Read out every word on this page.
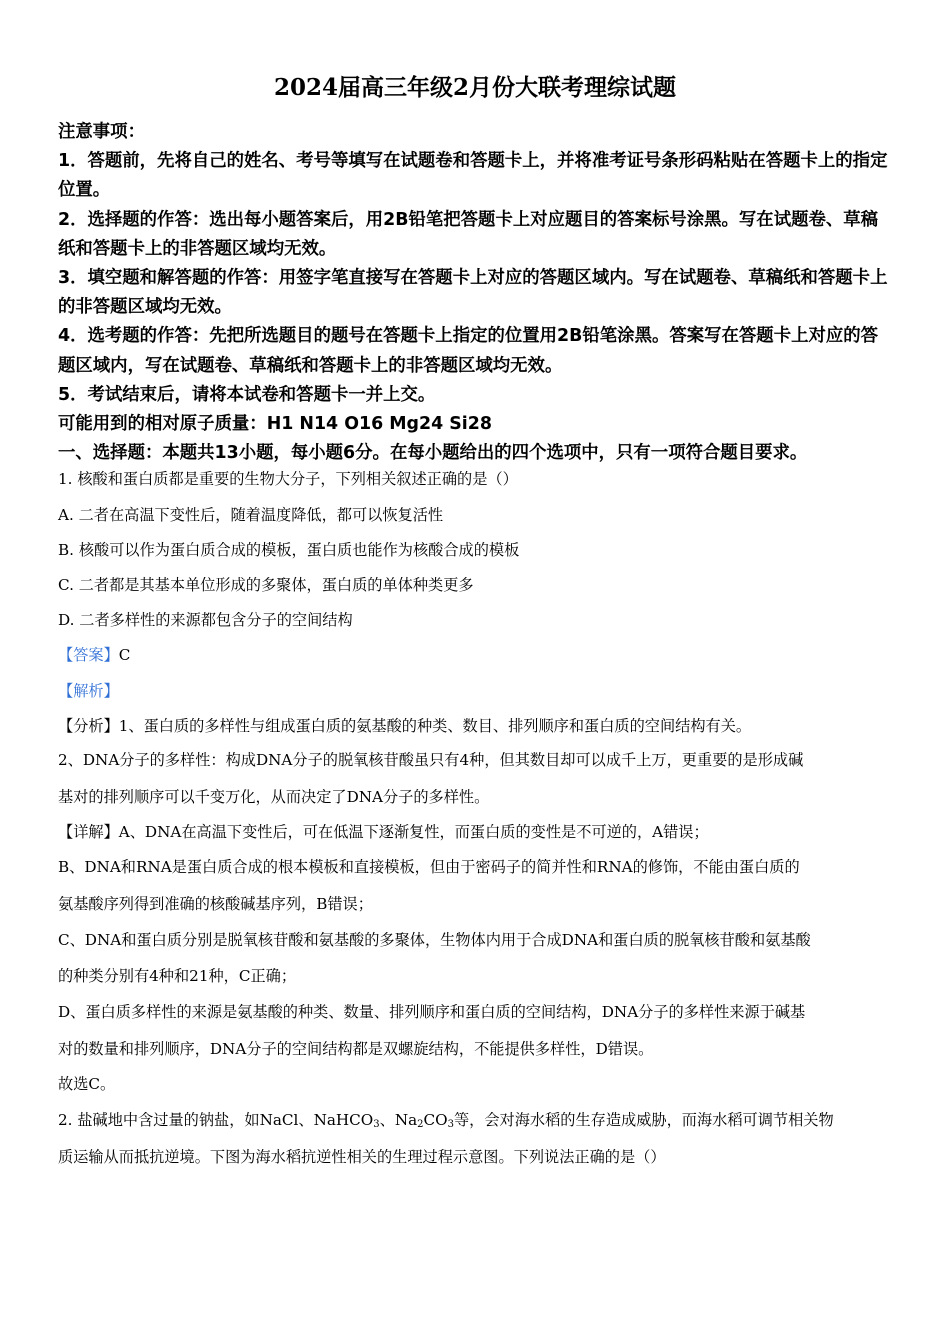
2024届高三年级2月份大联考理综试题

注意事项：

1．答题前，先将自己的姓名、考号等填写在试题卷和答题卡上，并将准考证号条形码粘贴在答题卡上的指定位置。

2．选择题的作答：选出每小题答案后，用2B铅笔把答题卡上对应题目的答案标号涂黑。写在试题卷、草稿纸和答题卡上的非答题区域均无效。

3．填空题和解答题的作答：用签字笔直接写在答题卡上对应的答题区域内。写在试题卷、草稿纸和答题卡上的非答题区域均无效。

4．选考题的作答：先把所选题目的题号在答题卡上指定的位置用2B铅笔涂黑。答案写在答题卡上对应的答题区域内，写在试题卷、草稿纸和答题卡上的非答题区域均无效。

5．考试结束后，请将本试卷和答题卡一并上交。

可能用到的相对原子质量：H1 N14 O16 Mg24 Si28

一、选择题：本题共13小题，每小题6分。在每小题给出的四个选项中，只有一项符合题目要求。

1. 核酸和蛋白质都是重要的生物大分子，下列相关叙述正确的是（）
A. 二者在高温下变性后，随着温度降低，都可以恢复活性
B. 核酸可以作为蛋白质合成的模板，蛋白质也能作为核酸合成的模板
C. 二者都是其基本单位形成的多聚体，蛋白质的单体种类更多
D. 二者多样性的来源都包含分子的空间结构
【答案】C
【解析】
【分析】1、蛋白质的多样性与组成蛋白质的氨基酸的种类、数目、排列顺序和蛋白质的空间结构有关。
2、DNA分子的多样性：构成DNA分子的脱氧核苷酸虽只有4种，但其数目却可以成千上万，更重要的是形成碱
基对的排列顺序可以千变万化，从而决定了DNA分子的多样性。
【详解】A、DNA在高温下变性后，可在低温下逐渐复性，而蛋白质的变性是不可逆的，A错误；
B、DNA和RNA是蛋白质合成的根本模板和直接模板，但由于密码子的简并性和RNA的修饰，不能由蛋白质的
氨基酸序列得到准确的核酸碱基序列，B错误；
C、DNA和蛋白质分别是脱氧核苷酸和氨基酸的多聚体，生物体内用于合成DNA和蛋白质的脱氧核苷酸和氨基酸
的种类分别有4种和21种，C正确；
D、蛋白质多样性的来源是氨基酸的种类、数量、排列顺序和蛋白质的空间结构，DNA分子的多样性来源于碱基
对的数量和排列顺序，DNA分子的空间结构都是双螺旋结构，不能提供多样性，D错误。
故选C。
2. 盐碱地中含过量的钠盐，如NaCl、NaHCO$_3$、$Na_2CO_3$等，会对海水稻的生存造成威胁，而海水稻可调节相关物
质运输从而抵抗逆境。下图为海水稻抗逆性相关的生理过程示意图。下列说法正确的是（）
